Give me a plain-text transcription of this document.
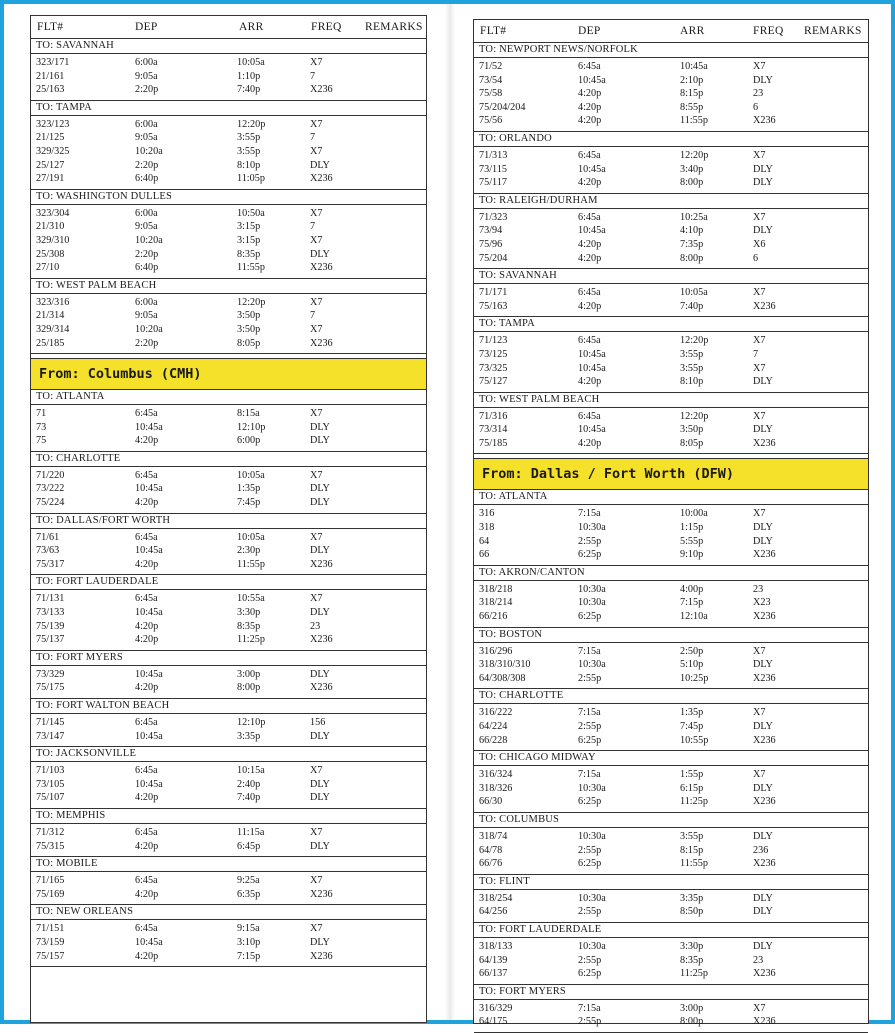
FLT#	DEP	ARR	FREQ REMARKS
TO: SAVANNAH
323/171	6:00a	10:05a	X7
21/161	9:05a	1:10p	7
25/163	2:20p	7:40p	X236
TO: TAMPA
323/123	6:00a	12:20p	X7
21/125	9:05a	3:55p	7
329/325	10:20a	3:55p	X7
25/127	2:20p	8:10p	DLY
27/191	6:40p	11:05p	X236
TO: WASHINGTON DULLES
323/304	6:00a	10:50a	X7
21/310	9:05a	3:15p	7
329/310	10:20a	3:15p	X7
25/308	2:20p	8:35p	DLY
27/10	6:40p	11:55p	X236
TO: WEST PALM BEACH
323/316	6:00a	12:20p	X7
21/314	9:05a	3:50p	7
329/314	10:20a	3:50p	X7
25/185	2:20p	8:05p	X236
From: Columbus (CMH)
TO: ATLANTA
71	6:45a	8:15a	X7
73	10:45a	12:10p	DLY
75	4:20p	6:00p	DLY
TO: CHARLOTTE
71/220	6:45a	10:05a	X7
73/222	10:45a	1:35p	DLY
75/224	4:20p	7:45p	DLY
TO: DALLAS/FORT WORTH
71/61	6:45a	10:05a	X7
73/63	10:45a	2:30p	DLY
75/317	4:20p	11:55p	X236
TO: FORT LAUDERDALE
71/131	6:45a	10:55a	X7
73/133	10:45a	3:30p	DLY
75/139	4:20p	8:35p	23
75/137	4:20p	11:25p	X236
TO: FORT MYERS
73/329	10:45a	3:00p	DLY
75/175	4:20p	8:00p	X236
TO: FORT WALTON BEACH
71/145	6:45a	12:10p	156
73/147	10:45a	3:35p	DLY
TO: JACKSONVILLE
71/103	6:45a	10:15a	X7
73/105	10:45a	2:40p	DLY
75/107	4:20p	7:40p	DLY
TO: MEMPHIS
71/312	6:45a	11:15a	X7
75/315	4:20p	6:45p	DLY
TO: MOBILE
71/165	6:45a	9:25a	X7
75/169	4:20p	6:35p	X236
TO: NEW ORLEANS
71/151	6:45a	9:15a	X7
73/159	10:45a	3:10p	DLY
75/157	4:20p	7:15p	X236
FLT#	DEP	ARR	FREQ REMARKS
TO: NEWPORT NEWS/NORFOLK
71/52	6:45a	10:45a	X7
73/54	10:45a	2:10p	DLY
75/58	4:20p	8:15p	23
75/204/204	4:20p	8:55p	6
75/56	4:20p	11:55p	X236
TO: ORLANDO
71/313	6:45a	12:20p	X7
73/115	10:45a	3:40p	DLY
75/117	4:20p	8:00p	DLY
TO: RALEIGH/DURHAM
71/323	6:45a	10:25a	X7
73/94	10:45a	4:10p	DLY
75/96	4:20p	7:35p	X6
75/204	4:20p	8:00p	6
TO: SAVANNAH
71/171	6:45a	10:05a	X7
75/163	4:20p	7:40p	X236
TO: TAMPA
71/123	6:45a	12:20p	X7
73/125	10:45a	3:55p	7
73/325	10:45a	3:55p	X7
75/127	4:20p	8:10p	DLY
TO: WEST PALM BEACH
71/316	6:45a	12:20p	X7
73/314	10:45a	3:50p	DLY
75/185	4:20p	8:05p	X236
From: Dallas / Fort Worth (DFW)
TO: ATLANTA
316	7:15a	10:00a	X7
318	10:30a	1:15p	DLY
64	2:55p	5:55p	DLY
66	6:25p	9:10p	X236
TO: AKRON/CANTON
318/218	10:30a	4:00p	23
318/214	10:30a	7:15p	X23
66/216	6:25p	12:10a	X236
TO: BOSTON
316/296	7:15a	2:50p	X7
318/310/310	10:30a	5:10p	DLY
64/308/308	2:55p	10:25p	X236
TO: CHARLOTTE
316/222	7:15a	1:35p	X7
64/224	2:55p	7:45p	DLY
66/228	6:25p	10:55p	X236
TO: CHICAGO MIDWAY
316/324	7:15a	1:55p	X7
318/326	10:30a	6:15p	DLY
66/30	6:25p	11:25p	X236
TO: COLUMBUS
318/74	10:30a	3:55p	DLY
64/78	2:55p	8:15p	236
66/76	6:25p	11:55p	X236
TO: FLINT
318/254	10:30a	3:35p	DLY
64/256	2:55p	8:50p	DLY
TO: FORT LAUDERDALE
318/133	10:30a	3:30p	DLY
64/139	2:55p	8:35p	23
66/137	6:25p	11:25p	X236
TO: FORT MYERS
316/329	7:15a	3:00p	X7
64/175	2:55p	8:00p	X236
